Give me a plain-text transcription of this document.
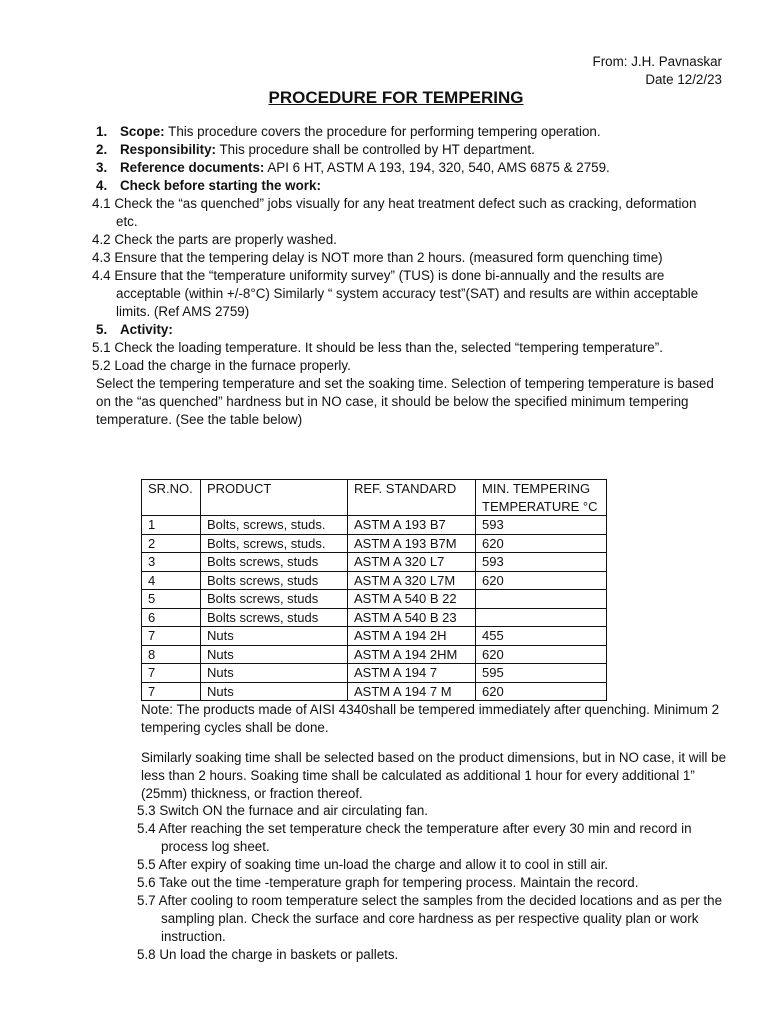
From: J.H. Pavnaskar
Date 12/2/23
PROCEDURE FOR TEMPERING
1. Scope: This procedure covers the procedure for performing tempering operation.
2. Responsibility: This procedure shall be controlled by HT department.
3. Reference documents: API 6 HT, ASTM A 193, 194, 320, 540, AMS 6875 & 2759.
4. Check before starting the work:
4.1 Check the “as quenched” jobs visually for any heat treatment defect such as cracking, deformation etc.
4.2 Check the parts are properly washed.
4.3 Ensure that the tempering delay is NOT more than 2 hours. (measured form quenching time)
4.4 Ensure that the “temperature uniformity survey” (TUS) is done bi-annually and the results are acceptable (within +/-8°C) Similarly “ system accuracy test”(SAT) and results are within acceptable limits. (Ref AMS 2759)
5. Activity:
5.1 Check the loading temperature. It should be less than the, selected “tempering temperature”.
5.2 Load the charge in the furnace properly.
Select the tempering temperature and set the soaking time. Selection of tempering temperature is based on the “as quenched” hardness but in NO case, it should be below the specified minimum tempering temperature. (See the table below)
SR.NO.	PRODUCT	REF. STANDARD	MIN. TEMPERING TEMPERATURE °C
1	Bolts, screws, studs.	ASTM A 193 B7	593
2	Bolts, screws, studs.	ASTM A 193 B7M	620
3	Bolts screws, studs	ASTM A 320 L7	593
4	Bolts screws, studs	ASTM A 320 L7M	620
5	Bolts screws, studs	ASTM A 540 B 22	
6	Bolts screws, studs	ASTM A 540 B 23	
7	Nuts	ASTM A 194 2H	455
8	Nuts	ASTM A 194 2HM	620
7	Nuts	ASTM A 194 7	595
7	Nuts	ASTM A 194 7 M	620
Note: The products made of AISI 4340shall be tempered immediately after quenching. Minimum 2 tempering cycles shall be done.
Similarly soaking time shall be selected based on the product dimensions, but in NO case, it will be less than 2 hours. Soaking time shall be calculated as additional 1 hour for every additional 1” (25mm) thickness, or fraction thereof.
5.3 Switch ON the furnace and air circulating fan.
5.4 After reaching the set temperature check the temperature after every 30 min and record in process log sheet.
5.5 After expiry of soaking time un-load the charge and allow it to cool in still air.
5.6 Take out the time -temperature graph for tempering process. Maintain the record.
5.7 After cooling to room temperature select the samples from the decided locations and as per the sampling plan. Check the surface and core hardness as per respective quality plan or work instruction.
5.8 Un load the charge in baskets or pallets.
